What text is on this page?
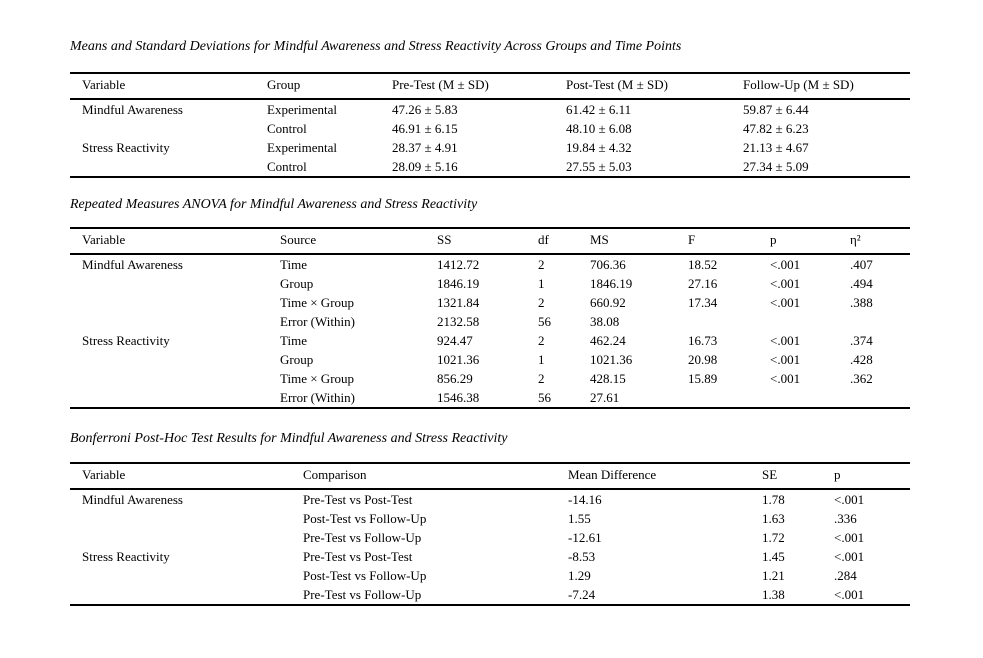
Means and Standard Deviations for Mindful Awareness and Stress Reactivity Across Groups and Time Points
Variable	Group	Pre-Test (M ± SD)	Post-Test (M ± SD)	Follow-Up (M ± SD)
Mindful Awareness	Experimental	47.26 ± 5.83	61.42 ± 6.11	59.87 ± 6.44
	Control	46.91 ± 6.15	48.10 ± 6.08	47.82 ± 6.23
Stress Reactivity	Experimental	28.37 ± 4.91	19.84 ± 4.32	21.13 ± 4.67
	Control	28.09 ± 5.16	27.55 ± 5.03	27.34 ± 5.09
Repeated Measures ANOVA for Mindful Awareness and Stress Reactivity
Variable	Source	SS	df	MS	F	p	η²
Mindful Awareness	Time	1412.72	2	706.36	18.52	<.001	.407
	Group	1846.19	1	1846.19	27.16	<.001	.494
	Time × Group	1321.84	2	660.92	17.34	<.001	.388
	Error (Within)	2132.58	56	38.08			
Stress Reactivity	Time	924.47	2	462.24	16.73	<.001	.374
	Group	1021.36	1	1021.36	20.98	<.001	.428
	Time × Group	856.29	2	428.15	15.89	<.001	.362
	Error (Within)	1546.38	56	27.61			
Bonferroni Post-Hoc Test Results for Mindful Awareness and Stress Reactivity
Variable	Comparison	Mean Difference	SE	p
Mindful Awareness	Pre-Test vs Post-Test	-14.16	1.78	<.001
	Post-Test vs Follow-Up	1.55	1.63	.336
	Pre-Test vs Follow-Up	-12.61	1.72	<.001
Stress Reactivity	Pre-Test vs Post-Test	-8.53	1.45	<.001
	Post-Test vs Follow-Up	1.29	1.21	.284
	Pre-Test vs Follow-Up	-7.24	1.38	<.001
